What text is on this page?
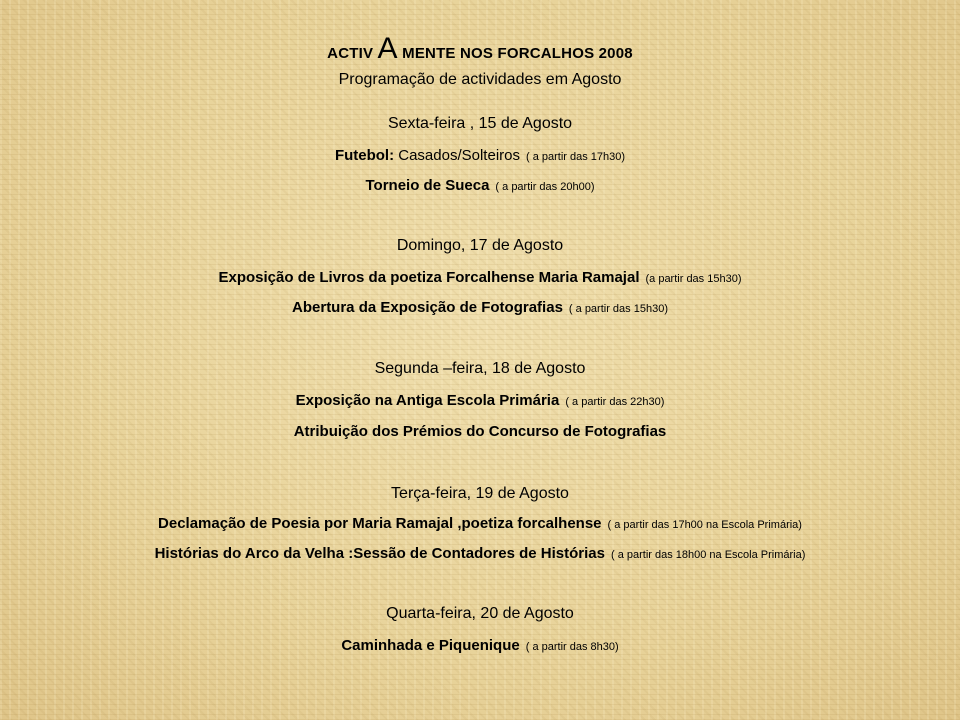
ACTIV A MENTE NOS FORCALHOS 2008
Programação de actividades em Agosto
Sexta-feira , 15 de Agosto
Futebol: Casados/Solteiros ( a partir das 17h30)
Torneio de Sueca ( a partir das 20h00)
Domingo, 17 de Agosto
Exposição de Livros da poetiza Forcalhense Maria Ramajal (a partir das 15h30)
Abertura da Exposição de Fotografias ( a partir das 15h30)
Segunda –feira, 18 de Agosto
Exposição na Antiga Escola Primária ( a partir das 22h30)
Atribuição dos Prémios do Concurso de Fotografias
Terça-feira, 19 de Agosto
Declamação de Poesia por Maria Ramajal ,poetiza forcalhense ( a partir das 17h00 na Escola Primária)
Histórias do Arco da Velha :Sessão de Contadores de Histórias ( a partir das 18h00 na Escola Primária)
Quarta-feira, 20 de Agosto
Caminhada e Piquenique ( a partir das 8h30)
